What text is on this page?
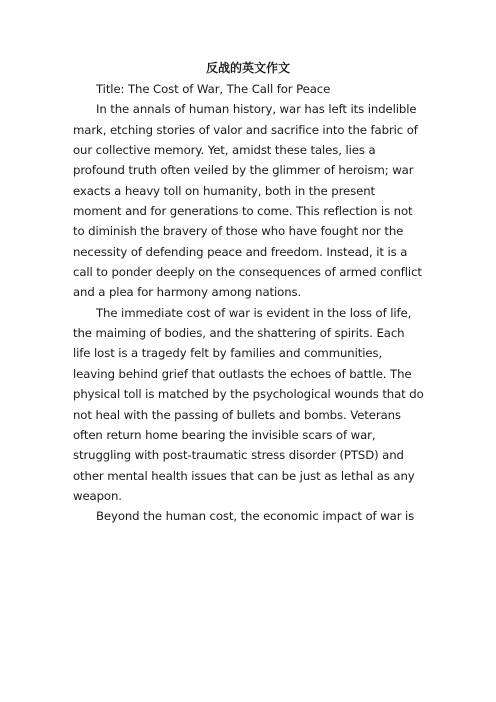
反战的英文作文

Title: The Cost of War, The Call for Peace

In the annals of human history, war has left its indelible mark, etching stories of valor and sacrifice into the fabric of our collective memory. Yet, amidst these tales, lies a profound truth often veiled by the glimmer of heroism; war exacts a heavy toll on humanity, both in the present moment and for generations to come. This reflection is not to diminish the bravery of those who have fought nor the necessity of defending peace and freedom. Instead, it is a call to ponder deeply on the consequences of armed conflict and a plea for harmony among nations.

The immediate cost of war is evident in the loss of life, the maiming of bodies, and the shattering of spirits. Each life lost is a tragedy felt by families and communities, leaving behind grief that outlasts the echoes of battle. The physical toll is matched by the psychological wounds that do not heal with the passing of bullets and bombs. Veterans often return home bearing the invisible scars of war, struggling with post-traumatic stress disorder (PTSD) and other mental health issues that can be just as lethal as any weapon.

Beyond the human cost, the economic impact of war is
